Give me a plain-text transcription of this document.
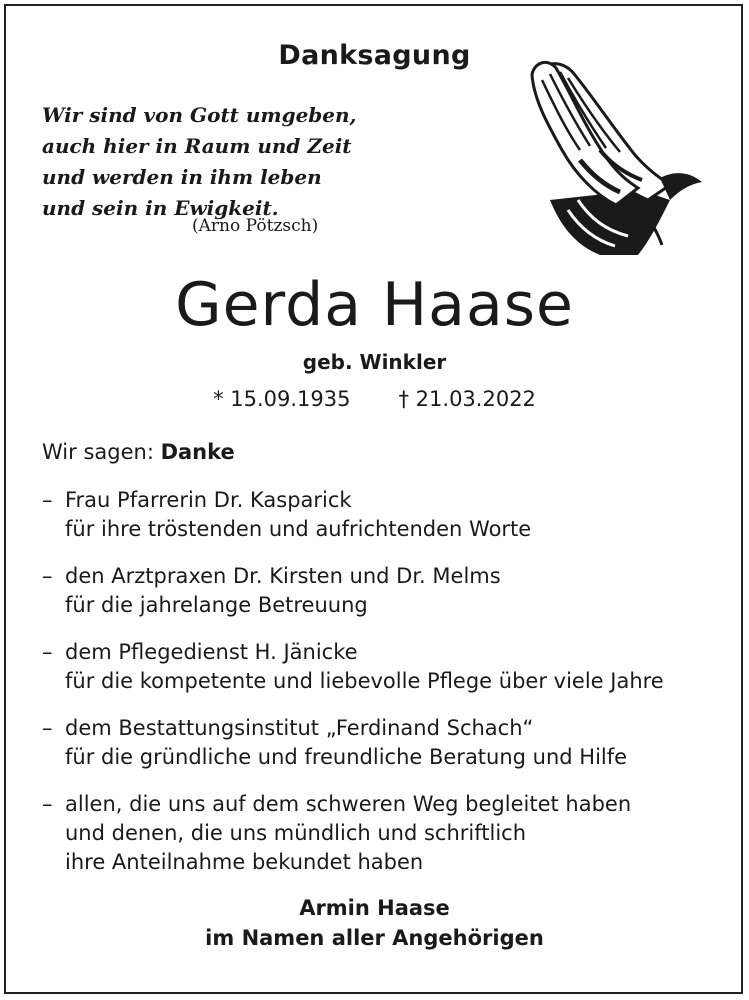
Danksagung
Wir sind von Gott umgeben,
auch hier in Raum und Zeit
und werden in ihm leben
und sein in Ewigkeit.
(Arno Pötzsch)
Gerda Haase
geb. Winkler
* 15.09.1935 † 21.03.2022
Wir sagen: Danke
– Frau Pfarrerin Dr. Kasparick
für ihre tröstenden und aufrichtenden Worte
– den Arztpraxen Dr. Kirsten und Dr. Melms
für die jahrelange Betreuung
– dem Pflegedienst H. Jänicke
für die kompetente und liebevolle Pflege über viele Jahre
– dem Bestattungsinstitut „Ferdinand Schach“
für die gründliche und freundliche Beratung und Hilfe
– allen, die uns auf dem schweren Weg begleitet haben
und denen, die uns mündlich und schriftlich
ihre Anteilnahme bekundet haben
Armin Haase
im Namen aller Angehörigen
